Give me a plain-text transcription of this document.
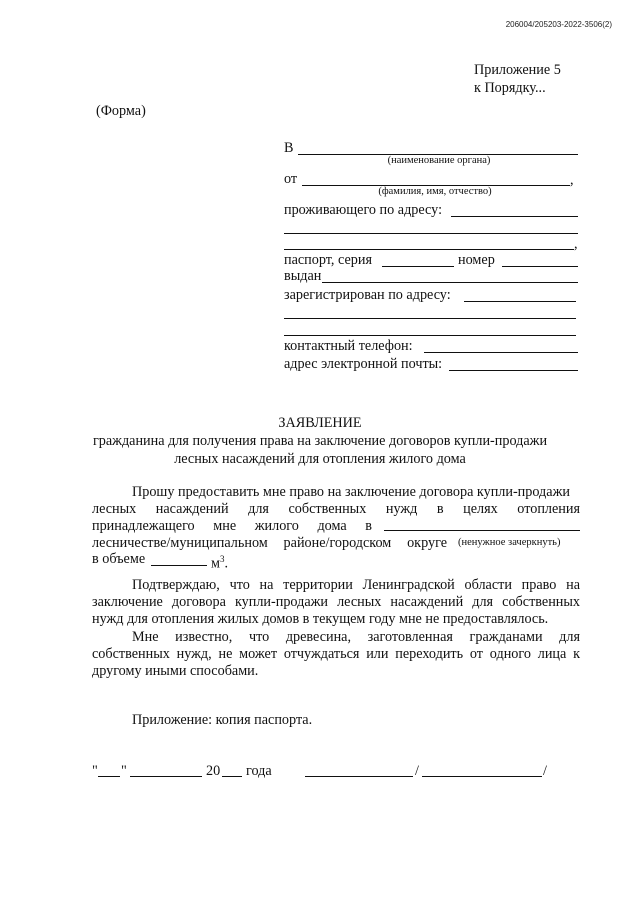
206004/205203-2022-3506(2)
Приложение 5
к Порядку...
(Форма)
В
(наименование органа)
от	,
(фамилия, имя, отчество)
проживающего по адресу:
,
паспорт, серия	номер
выдан
зарегистрирован по адресу:
контактный телефон:
адрес электронной почты:
ЗАЯВЛЕНИЕ
гражданина для получения права на заключение договоров купли-продажи
лесных насаждений для отопления жилого дома
Прошу предоставить мне право на заключение договора купли-продажи
лесных насаждений для собственных нужд в целях отопления
принадлежащего мне жилого дома в
лесничестве/муниципальном районе/городском округе (ненужное зачеркнуть)
в объеме	$м^3$.
Подтверждаю, что на территории Ленинградской области право на заключение договора купли-продажи лесных насаждений для собственных нужд для отопления жилых домов в текущем году мне не предоставлялось.
Мне известно, что древесина, заготовленная гражданами для собственных нужд, не может отчуждаться или переходить от одного лица к другому иными способами.
Приложение: копия паспорта.
" "	20 года	/	/
